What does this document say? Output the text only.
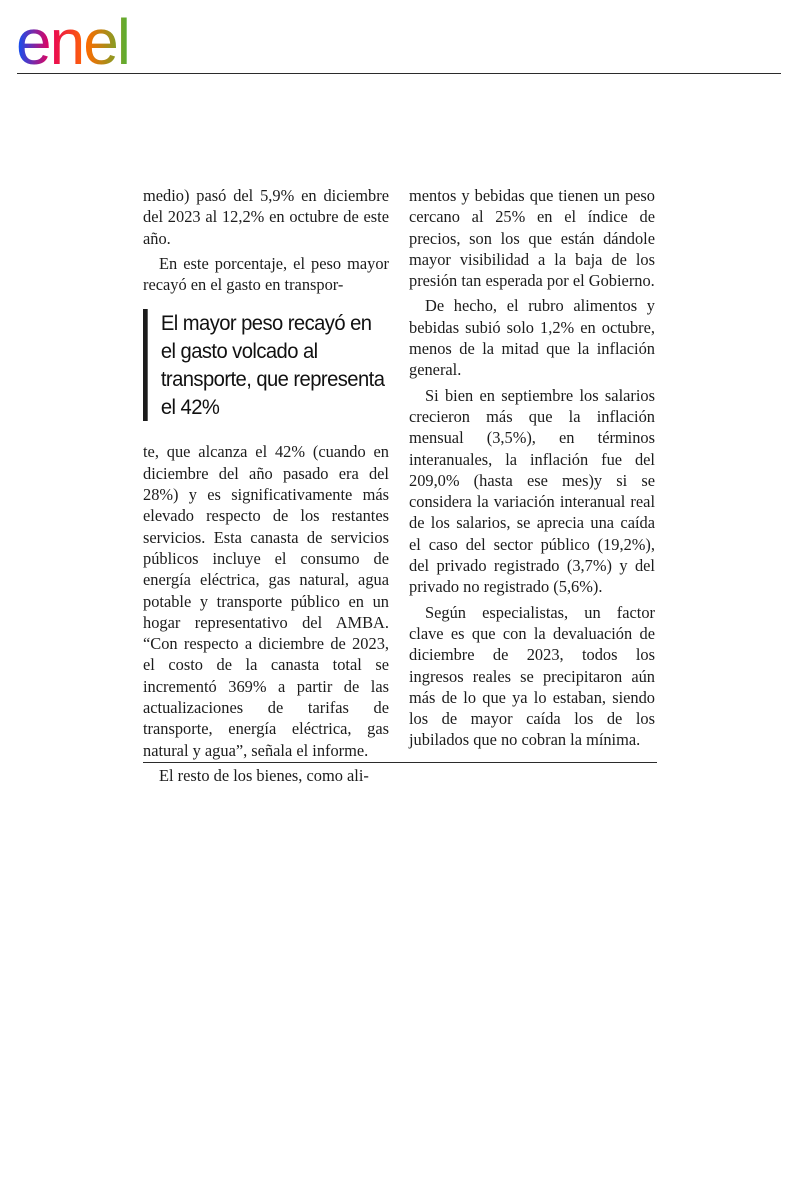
enel

medio) pasó del 5,9% en diciembre del 2023 al 12,2% en octubre de este año.

En este porcentaje, el peso mayor recayó en el gasto en transpor-

El mayor peso recayó en el gasto volcado al transporte, que representa el 42%

te, que alcanza el 42% (cuando en diciembre del año pasado era del 28%) y es significativamente más elevado respecto de los restantes servicios. Esta canasta de servicios públicos incluye el consumo de energía eléctrica, gas natural, agua potable y transporte público en un hogar representativo del AMBA. “Con respecto a diciembre de 2023, el costo de la canasta total se incrementó 369% a partir de las actualizaciones de tarifas de transporte, energía eléctrica, gas natural y agua”, señala el informe.

El resto de los bienes, como ali-

mentos y bebidas que tienen un peso cercano al 25% en el índice de precios, son los que están dándole mayor visibilidad a la baja de los presión tan esperada por el Gobierno.

De hecho, el rubro alimentos y bebidas subió solo 1,2% en octubre, menos de la mitad que la inflación general.

Si bien en septiembre los salarios crecieron más que la inflación mensual (3,5%), en términos interanuales, la inflación fue del 209,0% (hasta ese mes)y si se considera la variación interanual real de los salarios, se aprecia una caída el caso del sector público (19,2%), del privado registrado (3,7%) y del privado no registrado (5,6%).

Según especialistas, un factor clave es que con la devaluación de diciembre de 2023, todos los ingresos reales se precipitaron aún más de lo que ya lo estaban, siendo los de mayor caída los de los jubilados que no cobran la mínima.
